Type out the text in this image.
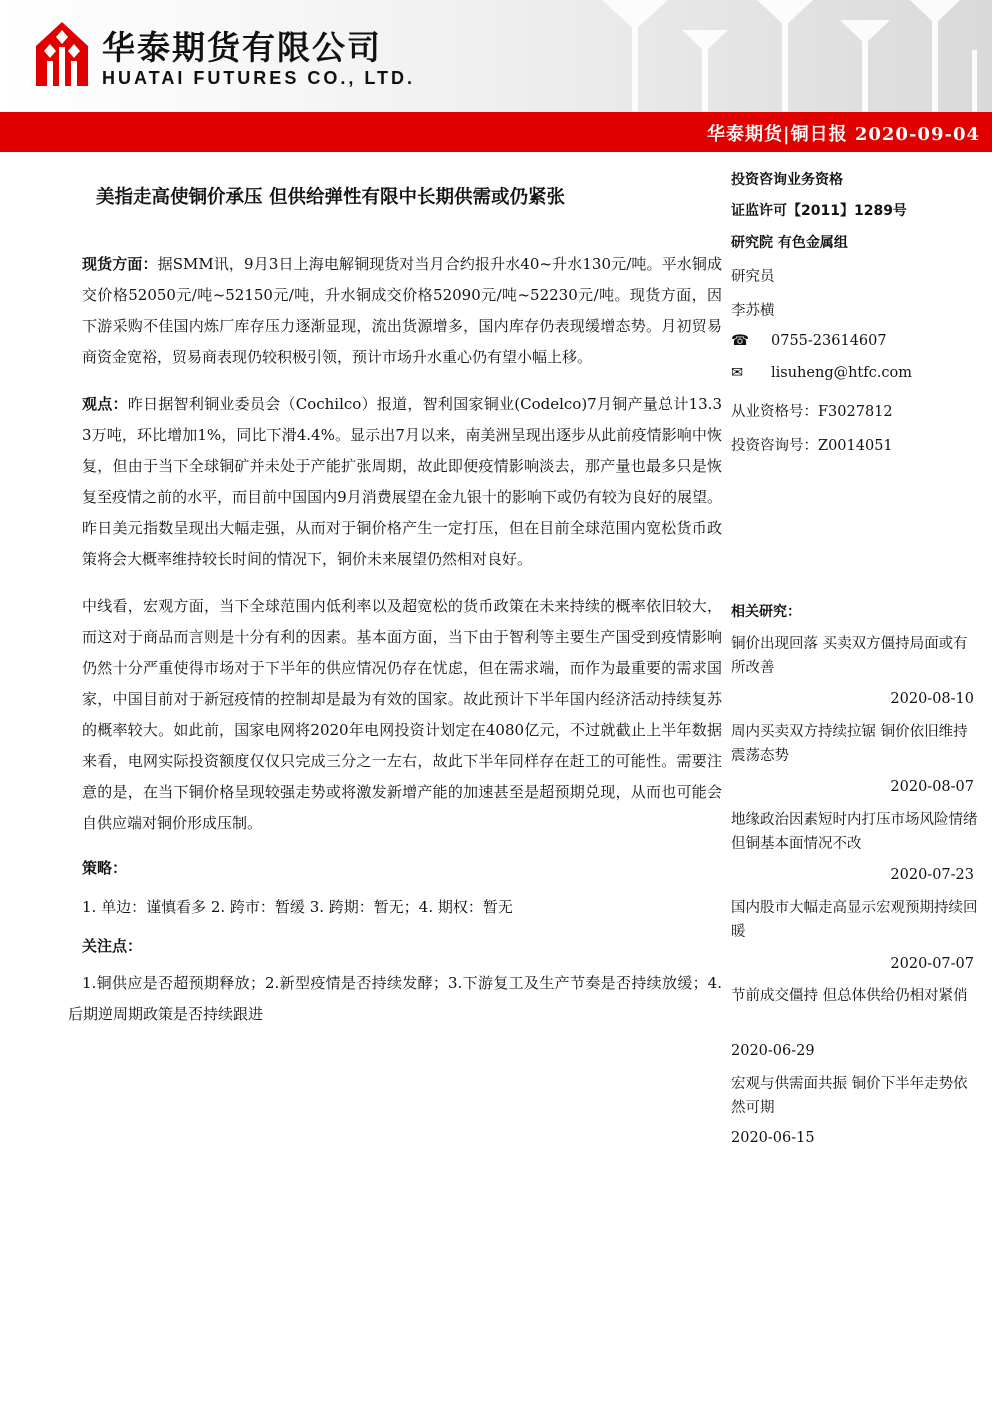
华泰期货有限公司
HUATAI FUTURES CO., LTD.
华泰期货|铜日报 2020-09-04
美指走高使铜价承压 但供给弹性有限中长期供需或仍紧张

现货方面：据SMM讯，9月3日上海电解铜现货对当月合约报升水40~升水130元/吨。平水铜成交价格52050元/吨~52150元/吨，升水铜成交价格52090元/吨~52230元/吨。现货方面，因下游采购不佳国内炼厂库存压力逐渐显现，流出货源增多，国内库存仍表现缓增态势。月初贸易商资金宽裕，贸易商表现仍较积极引领，预计市场升水重心仍有望小幅上移。

观点：昨日据智利铜业委员会（Cochilco）报道，智利国家铜业(Codelco)7月铜产量总计13.33万吨，环比增加1%，同比下滑4.4%。显示出7月以来，南美洲呈现出逐步从此前疫情影响中恢复，但由于当下全球铜矿并未处于产能扩张周期，故此即便疫情影响淡去，那产量也最多只是恢复至疫情之前的水平，而目前中国国内9月消费展望在金九银十的影响下或仍有较为良好的展望。昨日美元指数呈现出大幅走强，从而对于铜价格产生一定打压，但在目前全球范围内宽松货币政策将会大概率维持较长时间的情况下，铜价未来展望仍然相对良好。

中线看，宏观方面，当下全球范围内低利率以及超宽松的货币政策在未来持续的概率依旧较大，而这对于商品而言则是十分有利的因素。基本面方面，当下由于智利等主要生产国受到疫情影响仍然十分严重使得市场对于下半年的供应情况仍存在忧虑，但在需求端，而作为最重要的需求国家，中国目前对于新冠疫情的控制却是最为有效的国家。故此预计下半年国内经济活动持续复苏的概率较大。如此前，国家电网将2020年电网投资计划定在4080亿元，不过就截止上半年数据来看，电网实际投资额度仅仅只完成三分之一左右，故此下半年同样存在赶工的可能性。需要注意的是，在当下铜价格呈现较强走势或将激发新增产能的加速甚至是超预期兑现，从而也可能会自供应端对铜价形成压制。

策略：

1. 单边：谨慎看多 2. 跨市：暂缓 3. 跨期：暂无；4. 期权：暂无

关注点：

1.铜供应是否超预期释放；2.新型疫情是否持续发酵；3.下游复工及生产节奏是否持续放缓；4. 后期逆周期政策是否持续跟进

投资咨询业务资格
证监许可【2011】1289号
研究院 有色金属组
研究员
李苏横
☎ 0755-23614607
✉ lisuheng@htfc.com
从业资格号：F3027812
投资咨询号：Z0014051
相关研究：
铜价出现回落 买卖双方僵持局面或有所改善
2020-08-10
周内买卖双方持续拉锯 铜价依旧维持震荡态势
2020-08-07
地缘政治因素短时内打压市场风险情绪 但铜基本面情况不改
2020-07-23
国内股市大幅走高显示宏观预期持续回暖
2020-07-07
节前成交僵持 但总体供给仍相对紧俏
2020-06-29
宏观与供需面共振 铜价下半年走势依然可期
2020-06-15
